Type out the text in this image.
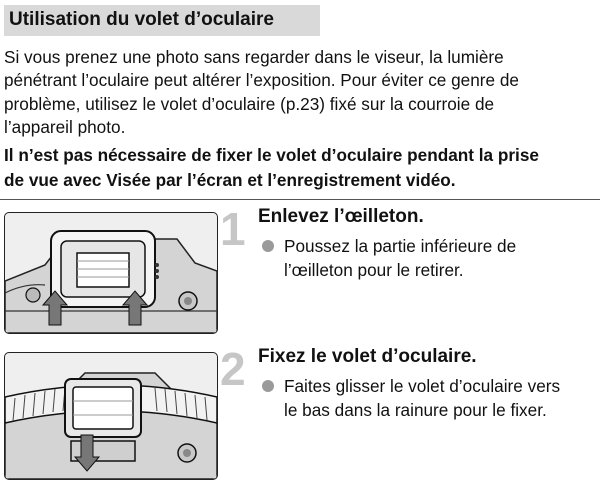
Utilisation du volet d’oculaire

Si vous prenez une photo sans regarder dans le viseur, la lumière
pénétrant l’oculaire peut altérer l’exposition. Pour éviter ce genre de
problème, utilisez le volet d’oculaire (p.23) fixé sur la courroie de
l’appareil photo.

Il n’est pas nécessaire de fixer le volet d’oculaire pendant la prise
de vue avec Visée par l’écran et l’enregistrement vidéo.

1 Enlevez l’œilleton.
Poussez la partie inférieure de
l’œilleton pour le retirer.
2 Fixez le volet d’oculaire.
Faites glisser le volet d’oculaire vers
le bas dans la rainure pour le fixer.
